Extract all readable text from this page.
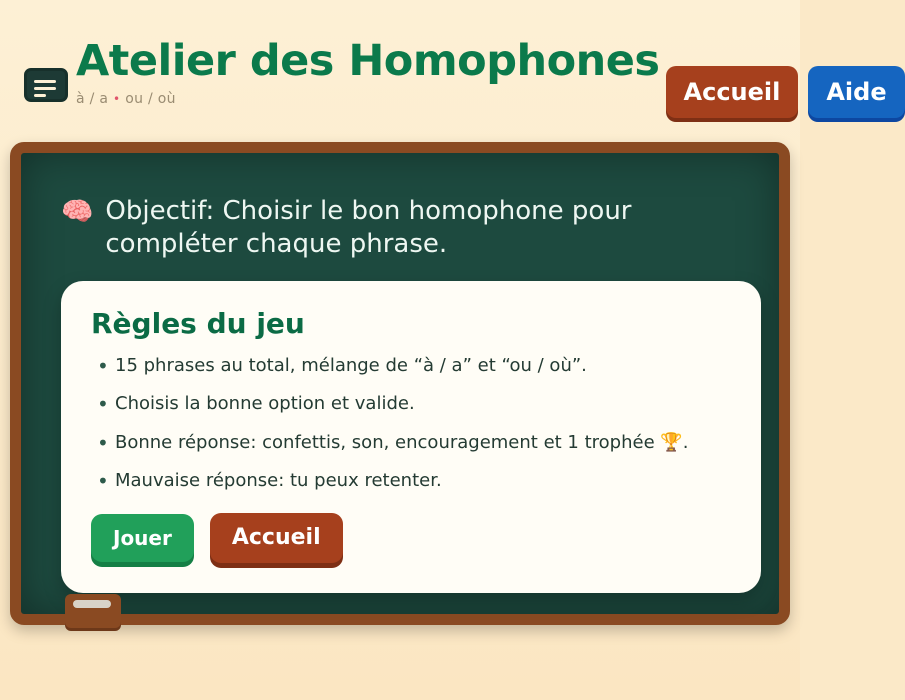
Atelier des Homophones
à / a • ou / où	Accueil	Aide
🧠 Objectif: Choisir le bon homophone pour compléter chaque phrase.
Règles du jeu
• 15 phrases au total, mélange de “à / a” et “ou / où”.
• Choisis la bonne option et valide.
• Bonne réponse: confettis, son, encouragement et 1 trophée 🏆.
• Mauvaise réponse: tu peux retenter.
Jouer	Accueil
